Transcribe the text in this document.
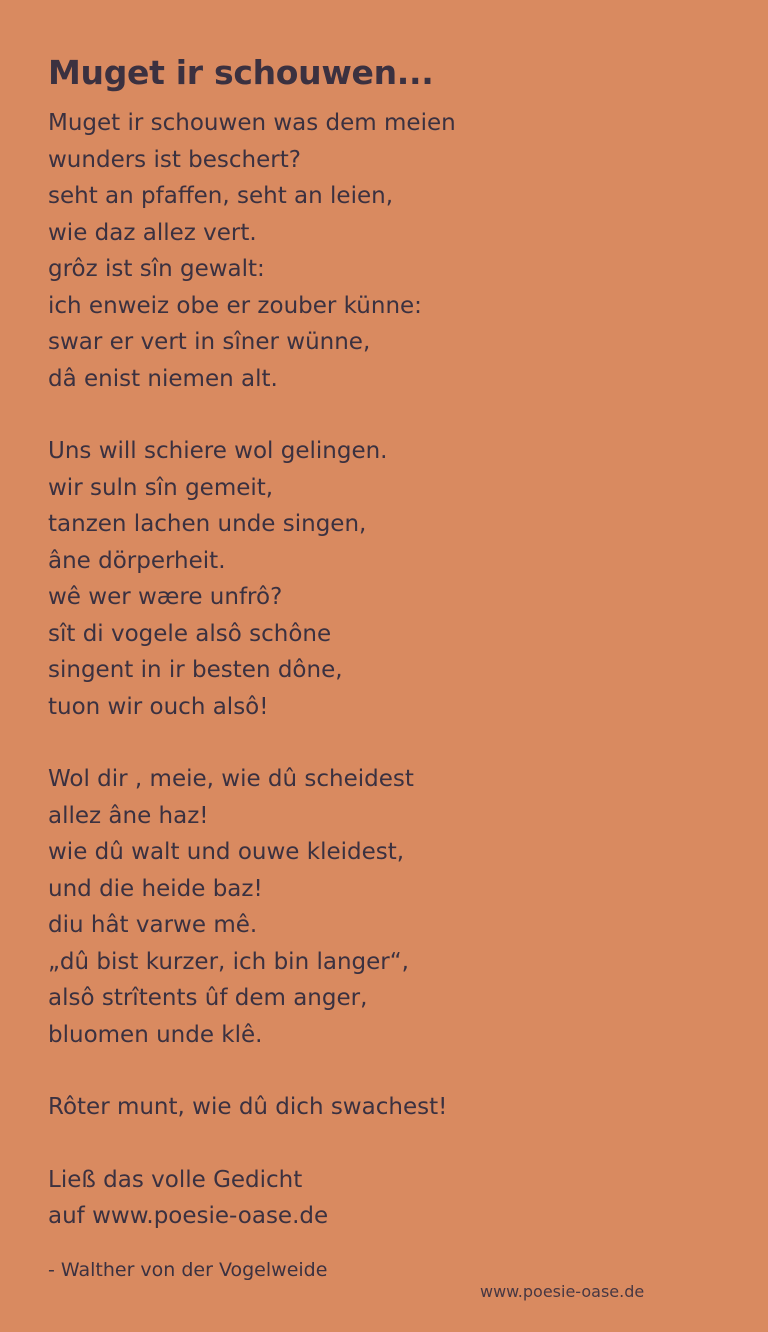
Muget ir schouwen...
Muget ir schouwen was dem meien
wunders ist beschert?
seht an pfaffen, seht an leien,
wie daz allez vert.
grôz ist sîn gewalt:
ich enweiz obe er zouber künne:
swar er vert in sîner wünne,
dâ enist niemen alt.
Uns will schiere wol gelingen.
wir suln sîn gemeit,
tanzen lachen unde singen,
âne dörperheit.
wê wer wære unfrô?
sît di vogele alsô schône
singent in ir besten dône,
tuon wir ouch alsô!
Wol dir , meie, wie dû scheidest
allez âne haz!
wie dû walt und ouwe kleidest,
und die heide baz!
diu hât varwe mê.
„dû bist kurzer, ich bin langer“,
alsô strîtents ûf dem anger,
bluomen unde klê.
Rôter munt, wie dû dich swachest!
Ließ das volle Gedicht
auf www.poesie-oase.de
- Walther von der Vogelweide
www.poesie-oase.de
